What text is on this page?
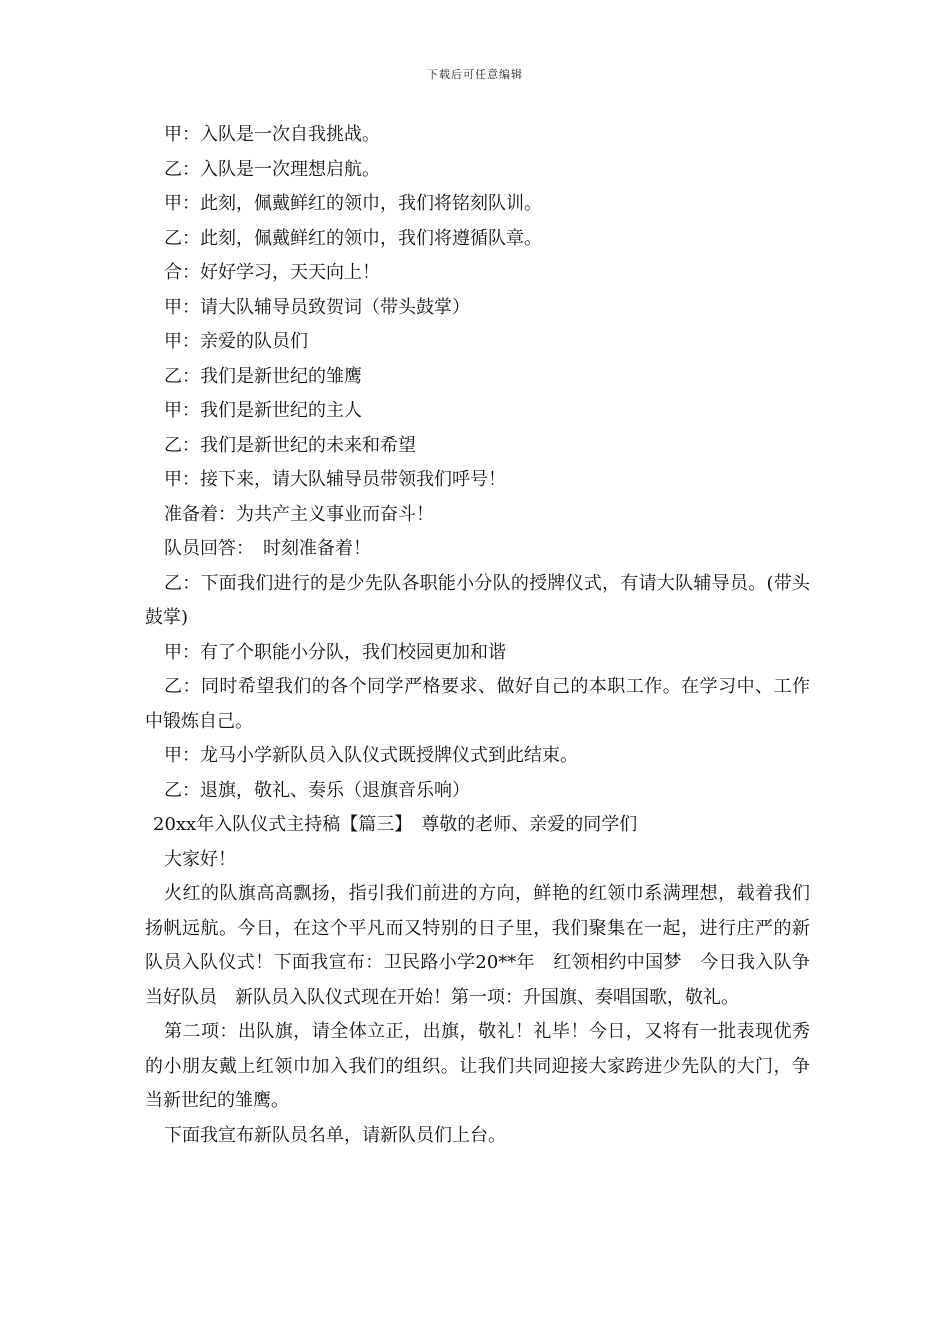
下载后可任意编辑

甲：入队是一次自我挑战。

乙：入队是一次理想启航。

甲：此刻，佩戴鲜红的领巾，我们将铭刻队训。

乙：此刻，佩戴鲜红的领巾，我们将遵循队章。

合：好好学习，天天向上！

甲：请大队辅导员致贺词（带头鼓掌）

甲：亲爱的队员们

乙：我们是新世纪的雏鹰

甲：我们是新世纪的主人

乙：我们是新世纪的未来和希望

甲：接下来，请大队辅导员带领我们呼号！

准备着：为共产主义事业而奋斗！

队员回答：　时刻准备着！

乙：下面我们进行的是少先队各职能小分队的授牌仪式，有请大队辅导员。(带头鼓掌)

甲：有了个职能小分队，我们校园更加和谐

乙：同时希望我们的各个同学严格要求、做好自己的本职工作。在学习中、工作中锻炼自己。

甲：龙马小学新队员入队仪式既授牌仪式到此结束。

乙：退旗，敬礼、奏乐（退旗音乐响）

20xx年入队仪式主持稿【篇三】　尊敬的老师、亲爱的同学们

大家好！

火红的队旗高高飘扬，指引我们前进的方向，鲜艳的红领巾系满理想，载着我们扬帆远航。今日，在这个平凡而又特别的日子里，我们聚集在一起，进行庄严的新队员入队仪式！下面我宣布：卫民路小学20**年　红领相约中国梦　今日我入队争当好队员　新队员入队仪式现在开始！第一项：升国旗、奏唱国歌，敬礼。

第二项：出队旗，请全体立正，出旗，敬礼！礼毕！今日，又将有一批表现优秀的小朋友戴上红领巾加入我们的组织。让我们共同迎接大家跨进少先队的大门，争当新世纪的雏鹰。

下面我宣布新队员名单，请新队员们上台。
